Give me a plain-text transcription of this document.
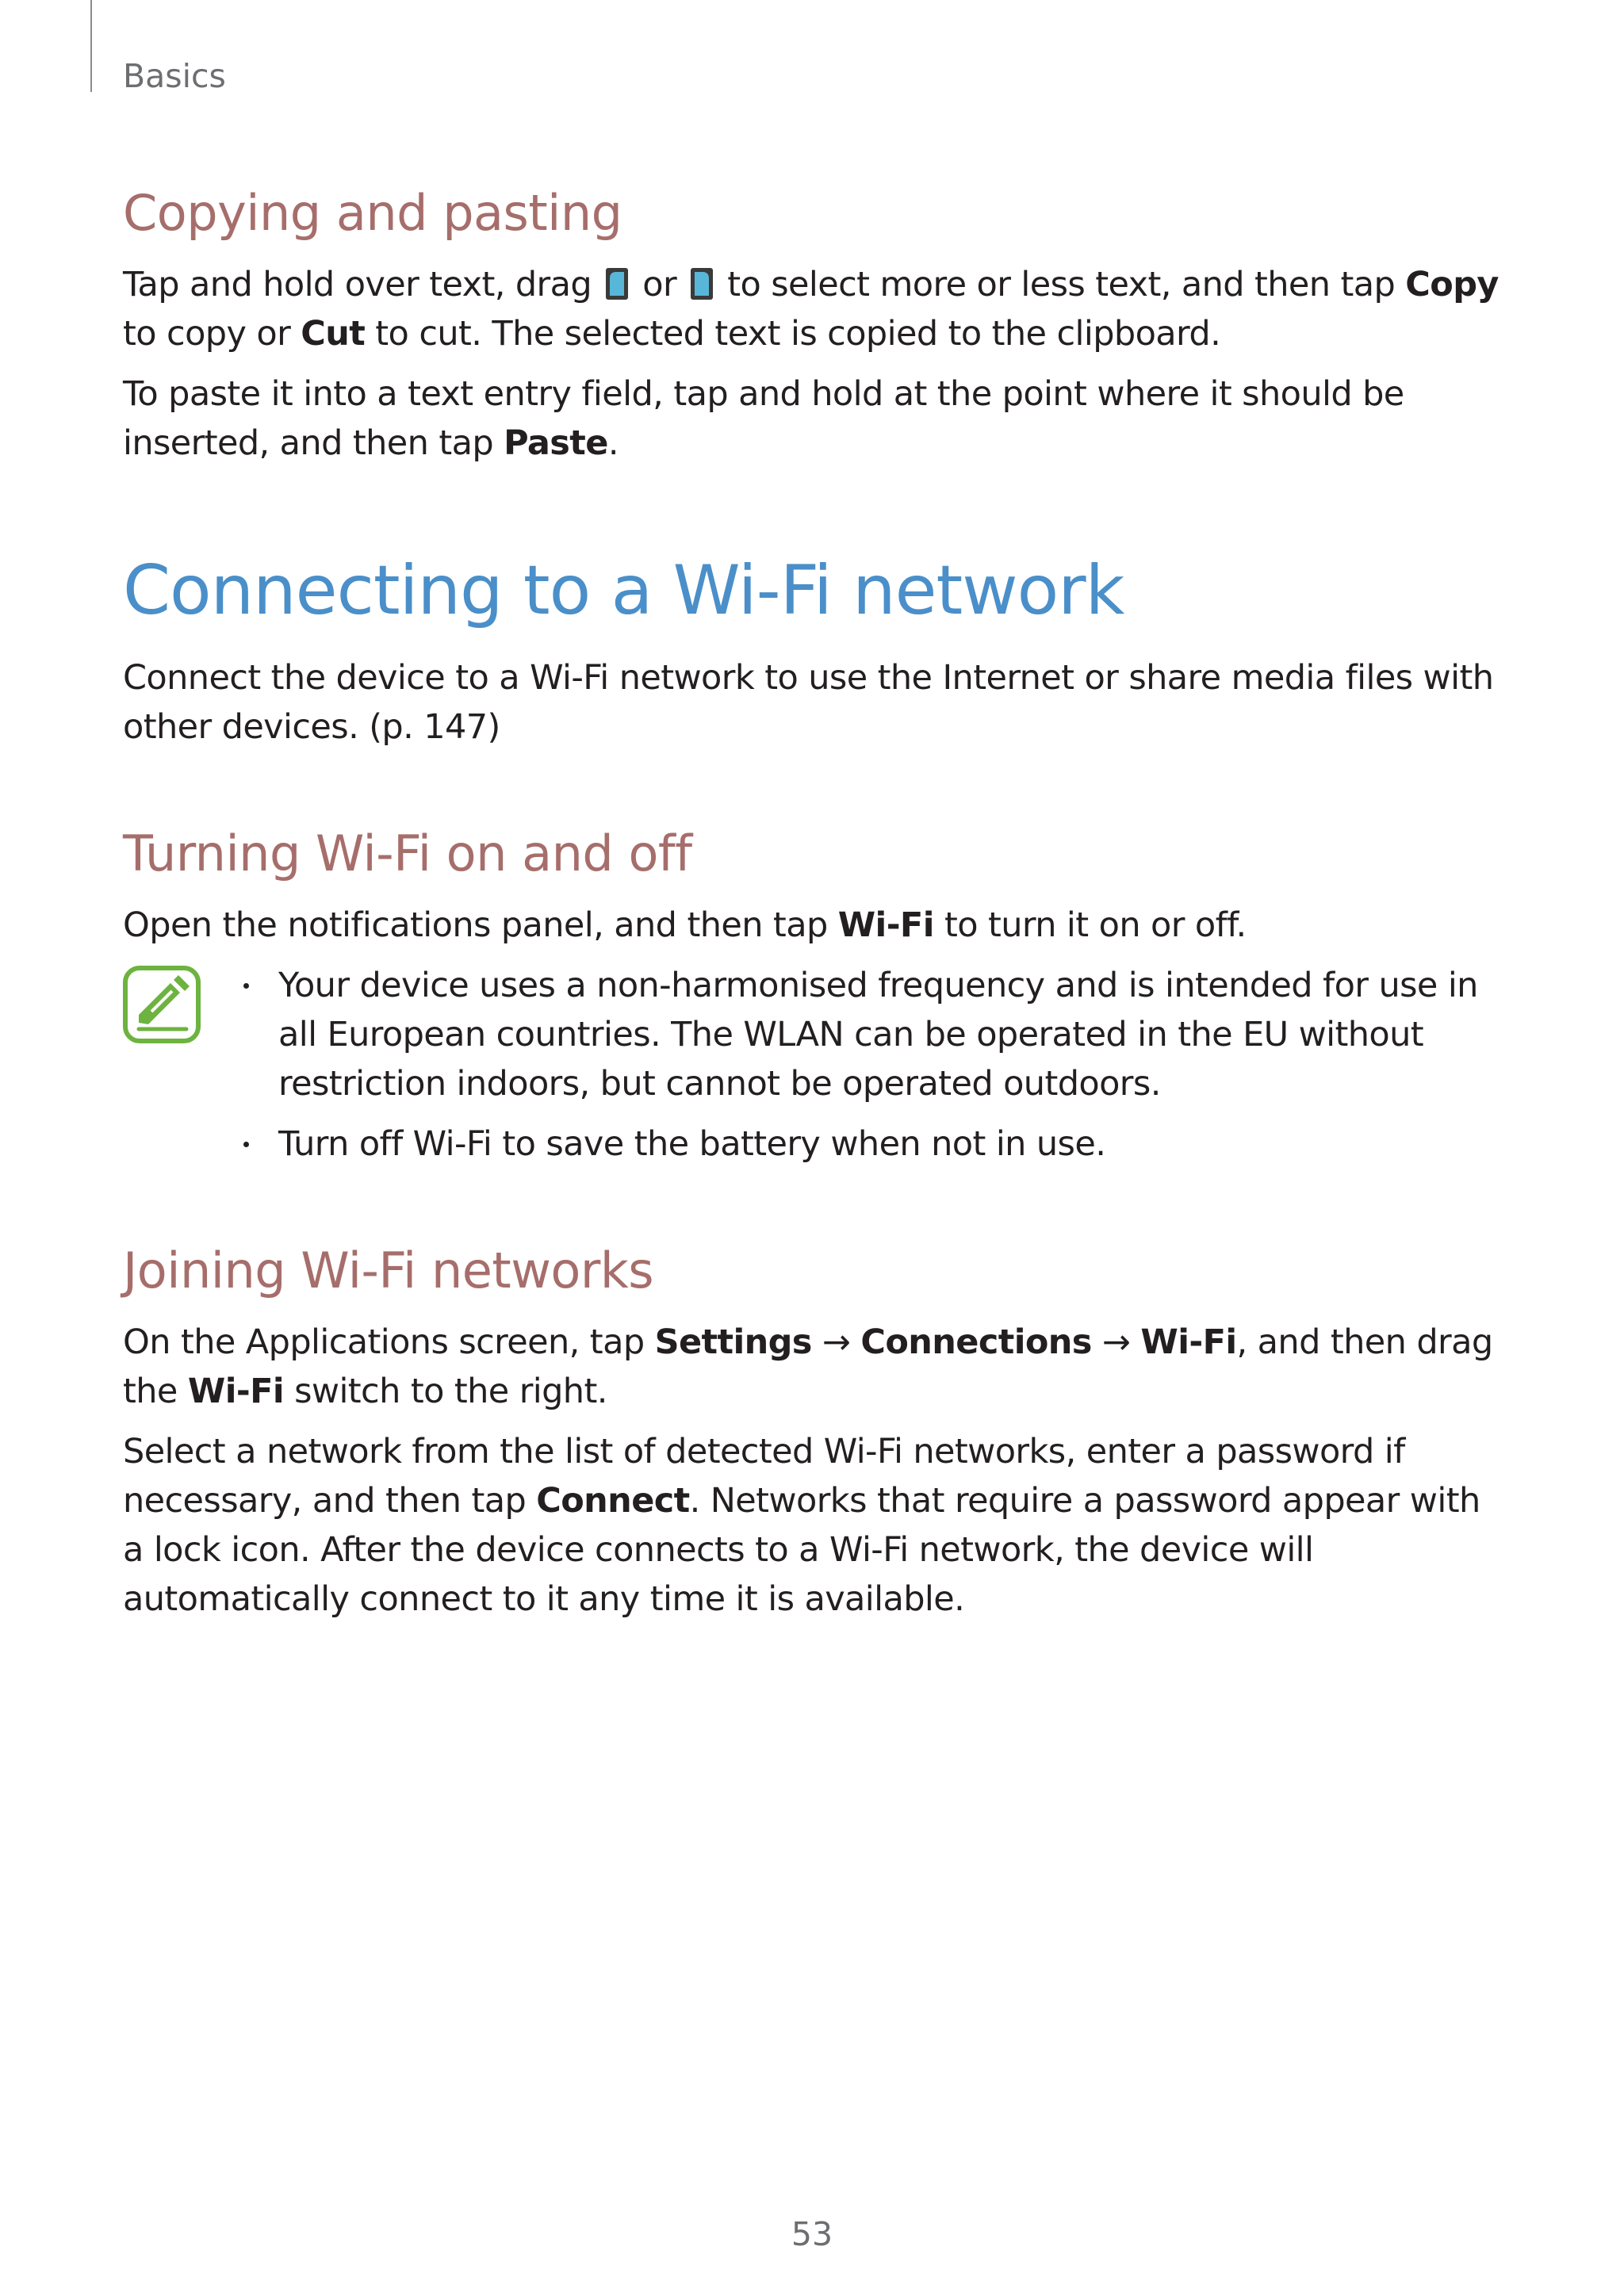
Basics
Copying and pasting

Tap and hold over text, drag or to select more or less text, and then tap Copy to copy or Cut to cut. The selected text is copied to the clipboard.

To paste it into a text entry field, tap and hold at the point where it should be inserted, and then tap Paste.

Connecting to a Wi-Fi network

Connect the device to a Wi-Fi network to use the Internet or share media files with other devices. (p. 147)

Turning Wi-Fi on and off

Open the notifications panel, and then tap Wi-Fi to turn it on or off.

Your device uses a non-harmonised frequency and is intended for use in all European countries. The WLAN can be operated in the EU without restriction indoors, but cannot be operated outdoors.
Turn off Wi-Fi to save the battery when not in use.
Joining Wi-Fi networks

On the Applications screen, tap Settings → Connections → Wi-Fi, and then drag the Wi-Fi switch to the right.

Select a network from the list of detected Wi-Fi networks, enter a password if necessary, and then tap Connect. Networks that require a password appear with a lock icon. After the device connects to a Wi-Fi network, the device will automatically connect to it any time it is available.

53
